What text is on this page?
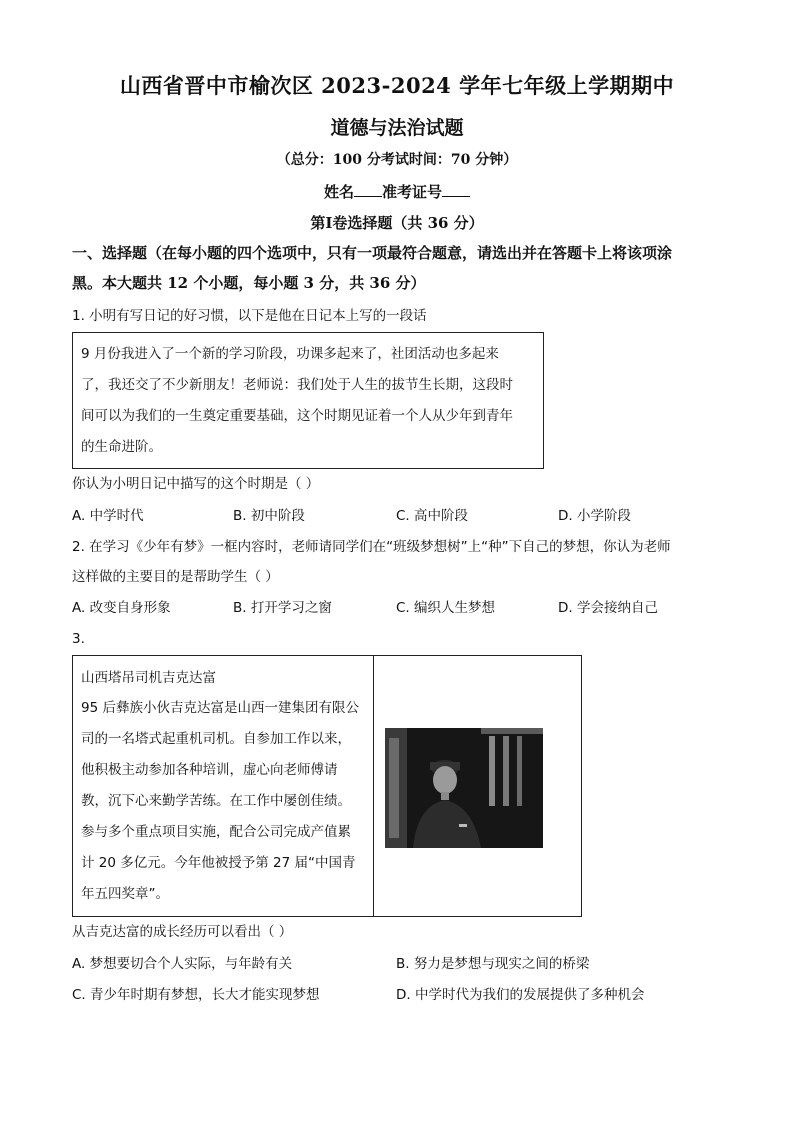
山西省晋中市榆次区 2023-2024 学年七年级上学期期中
道德与法治试题
（总分：100 分考试时间：70 分钟）
姓名 准考证号
第Ⅰ卷选择题（共 36 分）
一、选择题（在每小题的四个选项中，只有一项最符合题意，请选出并在答题卡上将该项涂
黑。本大题共 12 个小题，每小题 3 分，共 36 分）
1. 小明有写日记的好习惯，以下是他在日记本上写的一段话

9 月份我进入了一个新的学习阶段，功课多起来了，社团活动也多起来

了，我还交了不少新朋友！老师说：我们处于人生的拔节生长期，这段时

间可以为我们的一生奠定重要基础，这个时期见证着一个人从少年到青年

的生命进阶。

你认为小明日记中描写的这个时期是（ ）
A. 中学时代	B. 初中阶段	C. 高中阶段	D. 小学阶段
2. 在学习《少年有梦》一框内容时，老师请同学们在“班级梦想树”上“种”下自己的梦想，你认为老师
这样做的主要目的是帮助学生（ ）
A. 改变自身形象	B. 打开学习之窗	C. 编织人生梦想	D. 学会接纳自己
3.

山西塔吊司机吉克达富

95 后彝族小伙吉克达富是山西一建集团有限公

司的一名塔式起重机司机。自参加工作以来，

他积极主动参加各种培训，虚心向老师傅请

教，沉下心来勤学苦练。在工作中屡创佳绩。

参与多个重点项目实施，配合公司完成产值累

计 20 多亿元。今年他被授予第 27 届“中国青

年五四奖章”。

从吉克达富的成长经历可以看出（ ）
A. 梦想要切合个人实际，与年龄有关	B. 努力是梦想与现实之间的桥梁
C. 青少年时期有梦想，长大才能实现梦想	D. 中学时代为我们的发展提供了多种机会
